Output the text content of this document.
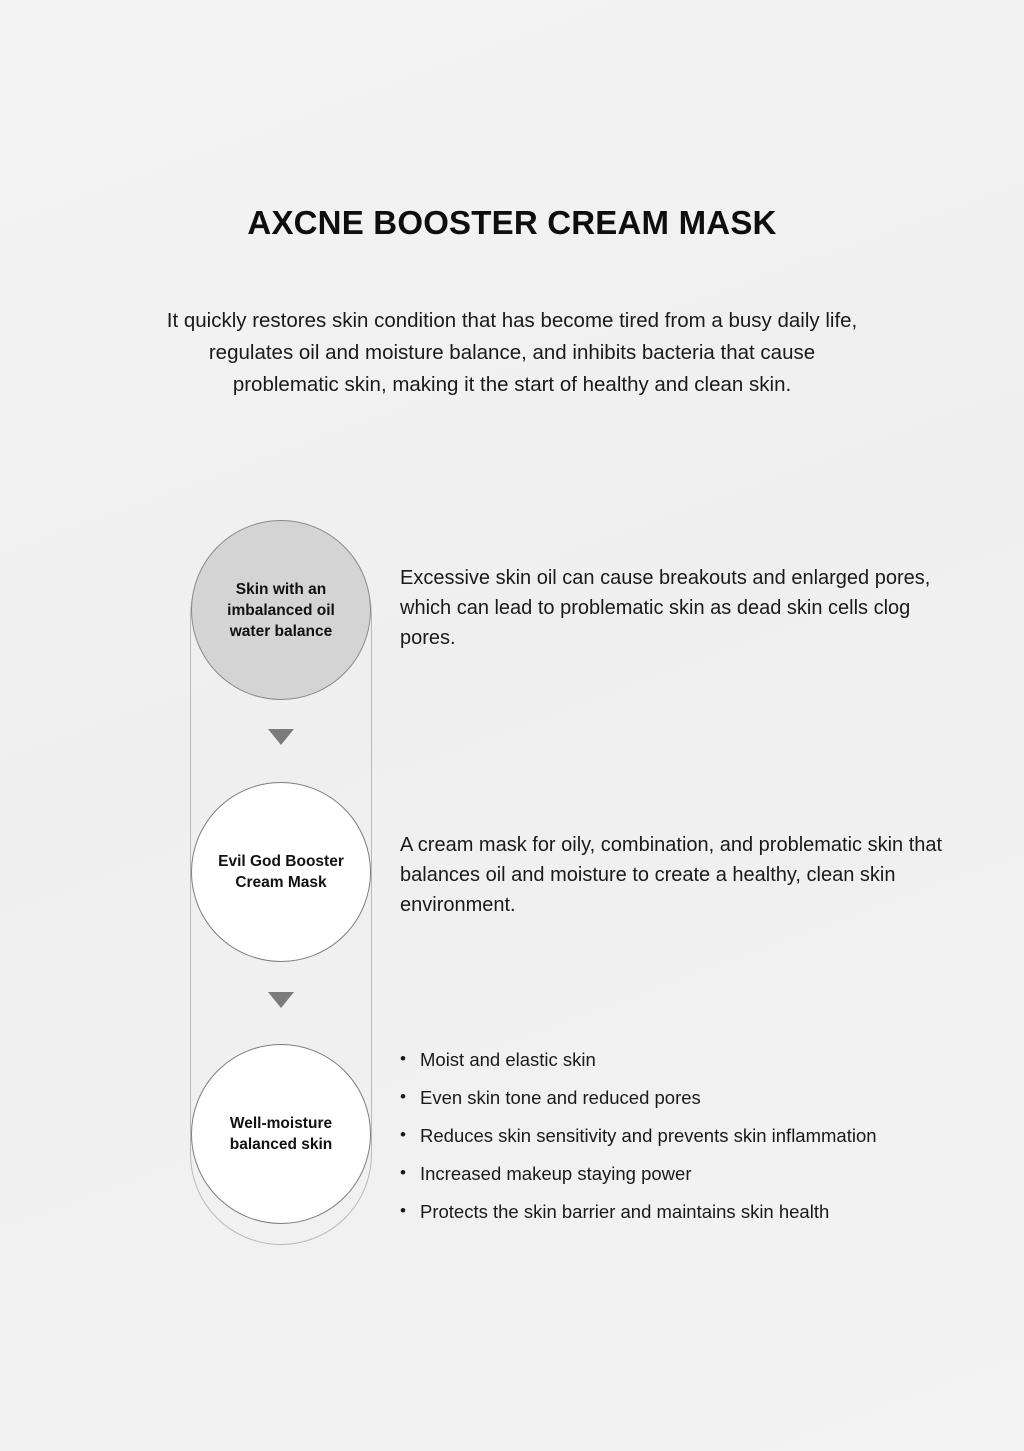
AXCNE BOOSTER CREAM MASK
It quickly restores skin condition that has become tired from a busy daily life, regulates oil and moisture balance, and inhibits bacteria that cause problematic skin, making it the start of healthy and clean skin.
Skin with an imbalanced oil water balance
Evil God Booster Cream Mask
Well-moisture balanced skin
Excessive skin oil can cause breakouts and enlarged pores, which can lead to problematic skin as dead skin cells clog pores.
A cream mask for oily, combination, and problematic skin that balances oil and moisture to create a healthy, clean skin environment.
• Moist and elastic skin
• Even skin tone and reduced pores
• Reduces skin sensitivity and prevents skin inflammation
• Increased makeup staying power
• Protects the skin barrier and maintains skin health
